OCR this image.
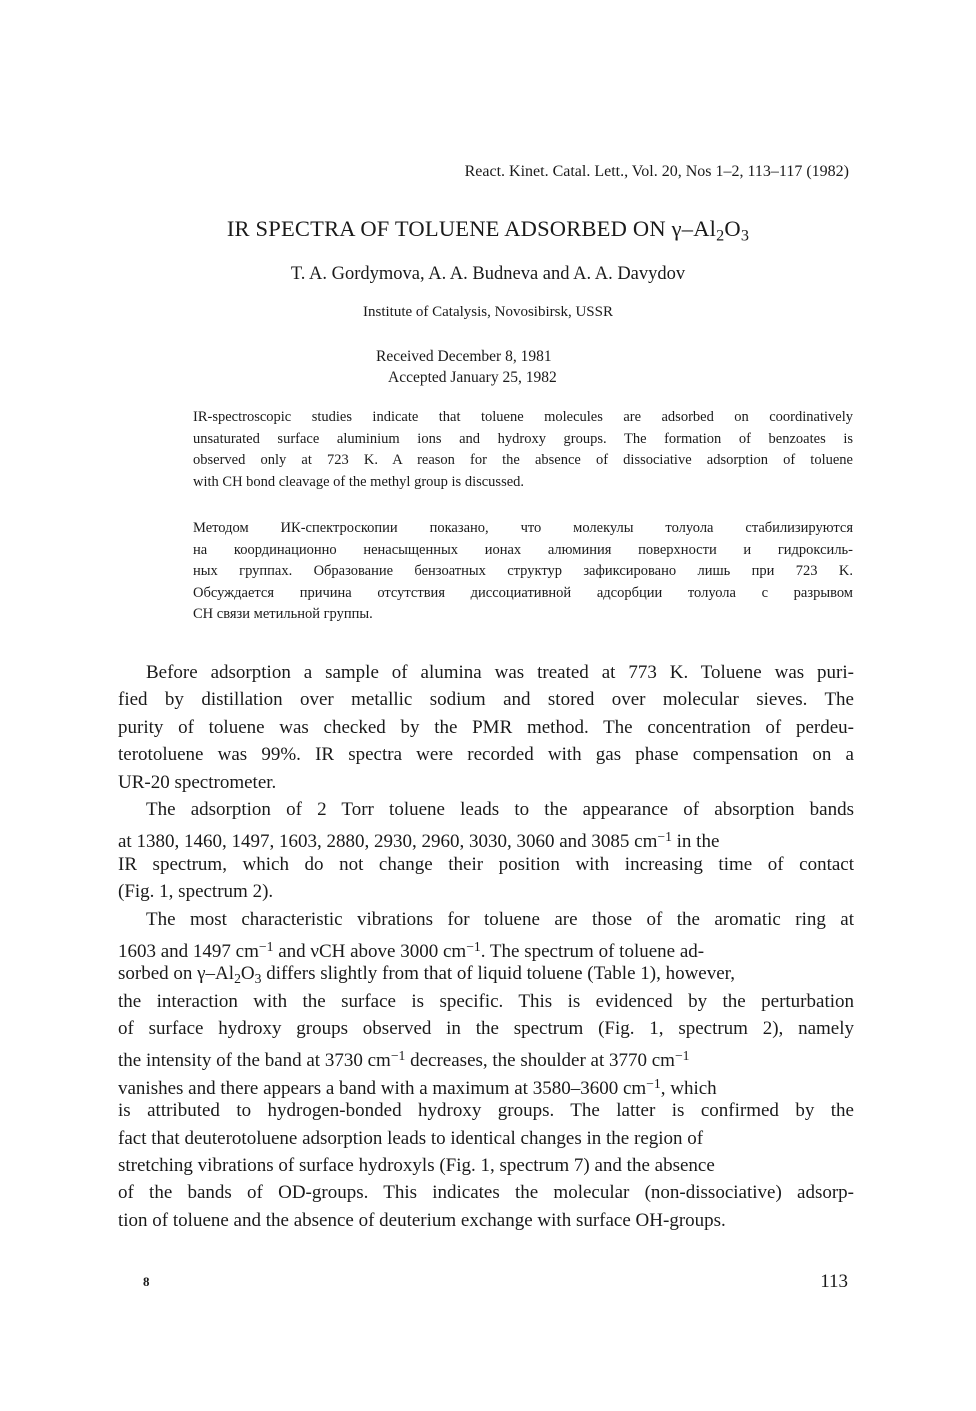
React. Kinet. Catal. Lett., Vol. 20, Nos 1–2, 113–117 (1982)
IR SPECTRA OF TOLUENE ADSORBED ON $\gamma-Al_2O_3$
T. A. Gordymova, A. A. Budneva and A. A. Davydov
Institute of Catalysis, Novosibirsk, USSR
Received December 8, 1981
Accepted January 25, 1982
IR-spectroscopic studies indicate that toluene molecules are adsorbed on coordinatively
unsaturated surface aluminium ions and hydroxy groups. The formation of benzoates is
observed only at 723 K. A reason for the absence of dissociative adsorption of toluene
with CH bond cleavage of the methyl group is discussed.
Методом ИК-спектроскопии показано, что молекулы толуола стабилизируются
на координационно ненасыщенных ионах алюминия поверхности и гидроксиль-
ных группах. Образование бензоатных структур зафиксировано лишь при 723 K.
Обсуждается причина отсутствия диссоциативной адсорбции толуола с разрывом
СН связи метильной группы.
Before adsorption a sample of alumina was treated at 773 K. Toluene was puri-
fied by distillation over metallic sodium and stored over molecular sieves. The
purity of toluene was checked by the PMR method. The concentration of perdeu-
terotoluene was 99%. IR spectra were recorded with gas phase compensation on a
UR-20 spectrometer.
The adsorption of 2 Torr toluene leads to the appearance of absorption bands
at 1380, 1460, 1497, 1603, 2880, 2930, 2960, 3030, 3060 and 3085 $cm^{-1}$ in the
IR spectrum, which do not change their position with increasing time of contact
(Fig. 1, spectrum 2).
The most characteristic vibrations for toluene are those of the aromatic ring at
1603 and 1497 $cm^{-1}$ and νCH above 3000 $cm^{-1}$. The spectrum of toluene ad-
sorbed on $\gamma-Al_2O_3$ differs slightly from that of liquid toluene (Table 1), however,
the interaction with the surface is specific. This is evidenced by the perturbation
of surface hydroxy groups observed in the spectrum (Fig. 1, spectrum 2), namely
the intensity of the band at 3730 $cm^{-1}$ decreases, the shoulder at 3770 $cm^{-1}$
vanishes and there appears a band with a maximum at 3580–3600 $cm^{-1}$, which
is attributed to hydrogen-bonded hydroxy groups. The latter is confirmed by the
fact that deuterotoluene adsorption leads to identical changes in the region of
stretching vibrations of surface hydroxyls (Fig. 1, spectrum 7) and the absence
of the bands of OD-groups. This indicates the molecular (non-dissociative) adsorp-
tion of toluene and the absence of deuterium exchange with surface OH-groups.
8	113
